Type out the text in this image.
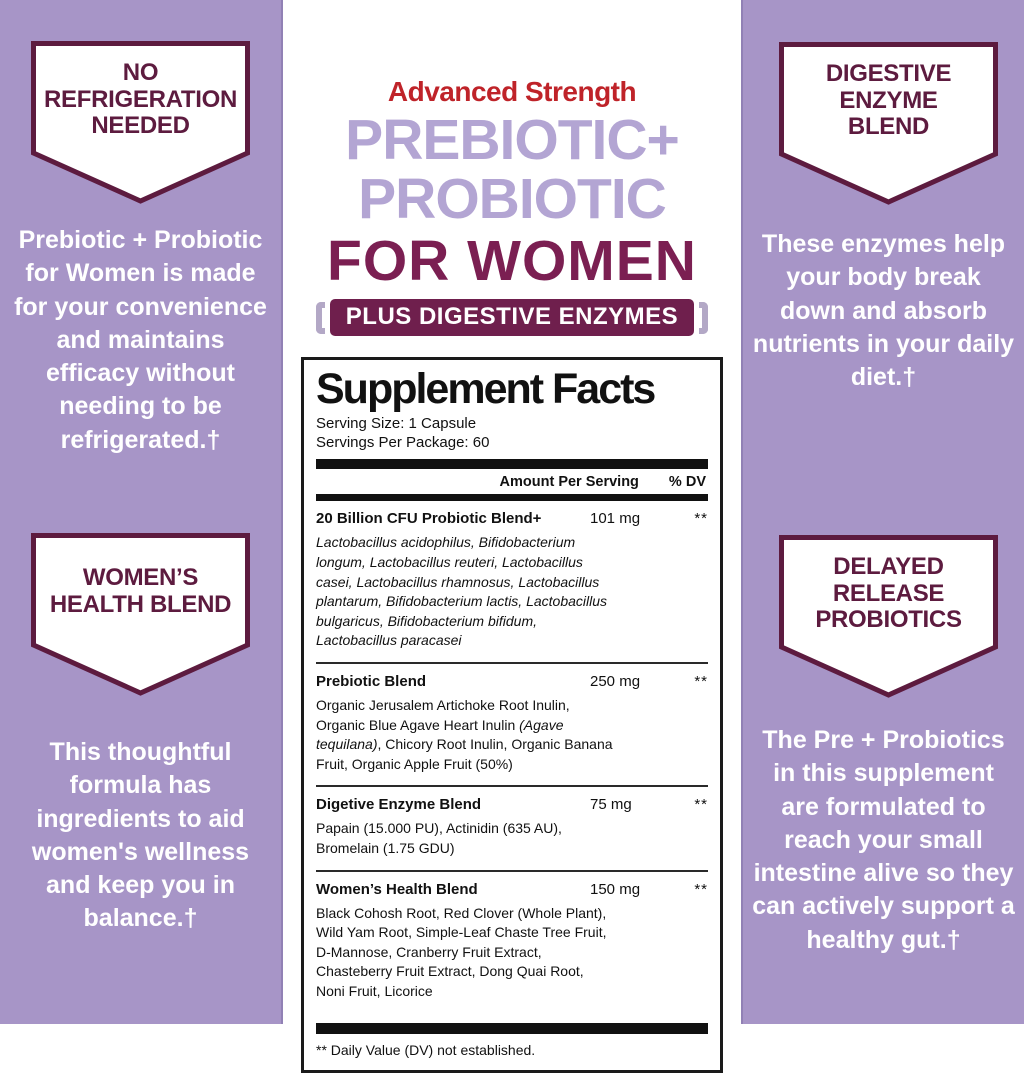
NO
REFRIGERATION
NEEDED

Prebiotic + Probiotic for Women is made for your convenience and maintains efficacy without needing to be refrigerated.†

WOMEN’S
HEALTH BLEND

This thoughtful formula has ingredients to aid women's wellness and keep you in balance.†

Advanced Strength

PREBIOTIC+
PROBIOTIC
FOR WOMEN
PLUS DIGESTIVE ENZYMES
Supplement Facts

Serving Size: 1 Capsule

Servings Per Package: 60

Amount Per Serving % DV
20 Billion CFU Probiotic Blend+	101 mg	**

Lactobacillus acidophilus, Bifidobacterium longum, Lactobacillus reuteri, Lactobacillus casei, Lactobacillus rhamnosus, Lactobacillus plantarum, Bifidobacterium lactis, Lactobacillus bulgaricus, Bifidobacterium bifidum, Lactobacillus paracasei

Prebiotic Blend	250 mg	**

Organic Jerusalem Artichoke Root Inulin, Organic Blue Agave Heart Inulin (Agave tequilana), Chicory Root Inulin, Organic Banana Fruit, Organic Apple Fruit (50%)

Digetive Enzyme Blend	75 mg	**

Papain (15.000 PU), Actinidin (635 AU), Bromelain (1.75 GDU)

Women’s Health Blend	150 mg	**

Black Cohosh Root, Red Clover (Whole Plant), Wild Yam Root, Simple-Leaf Chaste Tree Fruit, D-Mannose, Cranberry Fruit Extract, Chasteberry Fruit Extract, Dong Quai Root, Noni Fruit, Licorice

** Daily Value (DV) not established.

DIGESTIVE
ENZYME
BLEND

These enzymes help your body break down and absorb nutrients in your daily diet.†

DELAYED
RELEASE
PROBIOTICS

The Pre + Probiotics in this supplement are formulated to reach your small intestine alive so they can actively support a healthy gut.†
